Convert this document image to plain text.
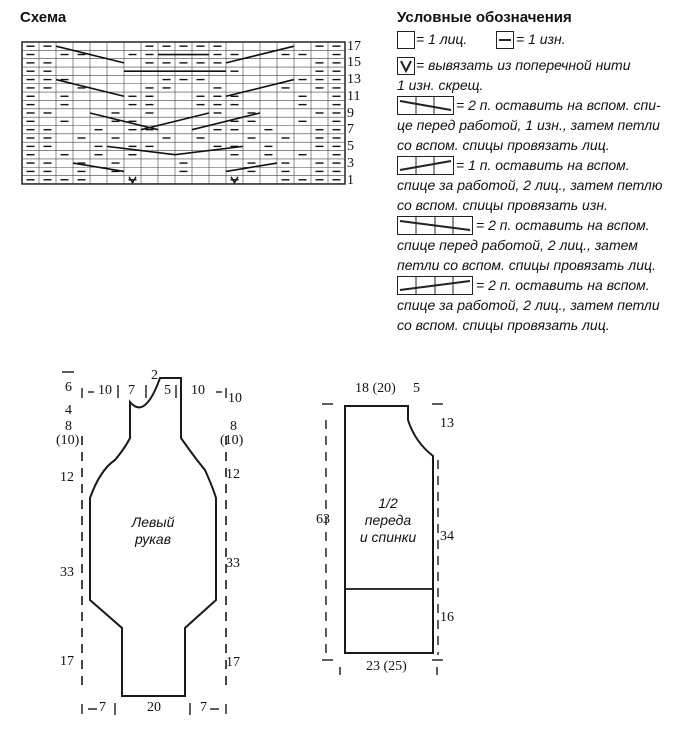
Схема
17
15
13
11
9
7
5
3
1
Условные обозначения
= 1 лиц.	= 1 изн.
= вывязать из поперечной нити
1 изн. скрещ.
= 2 п. оставить на вспом. спи-
це перед работой, 1 изн., затем петли
со вспом. спицы провязать лиц.
= 1 п. оставить на вспом.
спице за работой, 2 лиц., затем петлю
со вспом. спицы провязать изн.
= 2 п. оставить на вспом.
спице перед работой, 2 лиц., затем
петли со вспом. спицы провязать лиц.
= 2 п. оставить на вспом.
спице за работой, 2 лиц., затем петли
со вспом. спицы провязать лиц.
Левый
рукав
10 7
2
5 10
6
4
8
(10)
12
33
17
10
8
(10)
12
33
17
7	20	7
1/2
переда
и спинки
18 (20) 5
13
34
16
63
23 (25)
